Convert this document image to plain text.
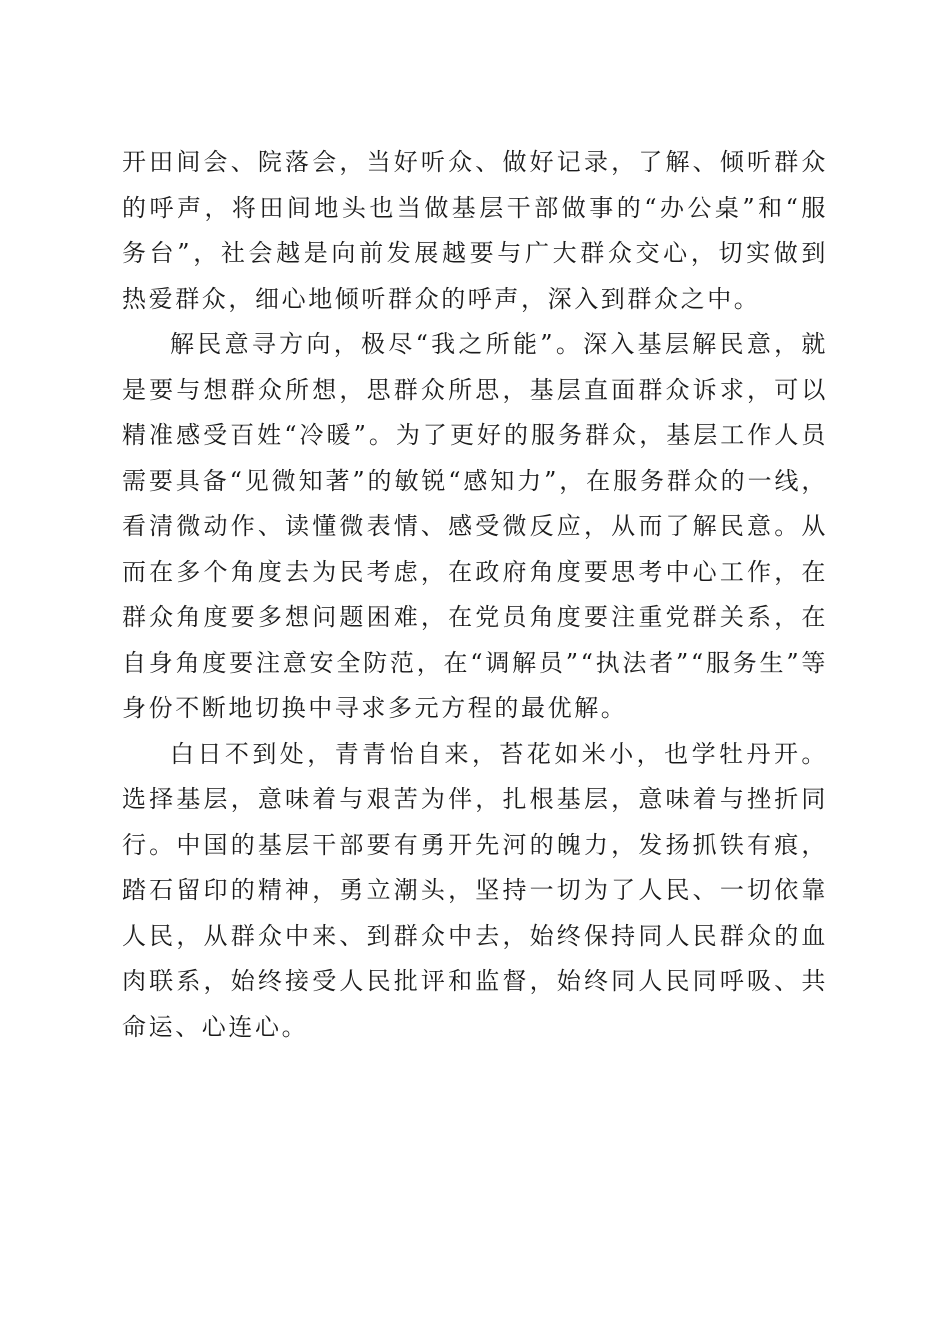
开田间会、院落会，当好听众、做好记录，了解、倾听群众的呼声，将田间地头也当做基层干部做事的“办公桌”和“服务台”，社会越是向前发展越要与广大群众交心，切实做到热爱群众，细心地倾听群众的呼声，深入到群众之中。

解民意寻方向，极尽“我之所能”。深入基层解民意，就是要与想群众所想，思群众所思，基层直面群众诉求，可以精准感受百姓“冷暖”。为了更好的服务群众，基层工作人员需要具备“见微知著”的敏锐“感知力”，在服务群众的一线，看清微动作、读懂微表情、感受微反应，从而了解民意。从而在多个角度去为民考虑，在政府角度要思考中心工作，在群众角度要多想问题困难，在党员角度要注重党群关系，在自身角度要注意安全防范，在“调解员”“执法者”“服务生”等身份不断地切换中寻求多元方程的最优解。

白日不到处，青青怡自来，苔花如米小，也学牡丹开。选择基层，意味着与艰苦为伴，扎根基层，意味着与挫折同行。中国的基层干部要有勇开先河的魄力，发扬抓铁有痕，踏石留印的精神，勇立潮头，坚持一切为了人民、一切依靠人民，从群众中来、到群众中去，始终保持同人民群众的血肉联系，始终接受人民批评和监督，始终同人民同呼吸、共命运、心连心。
